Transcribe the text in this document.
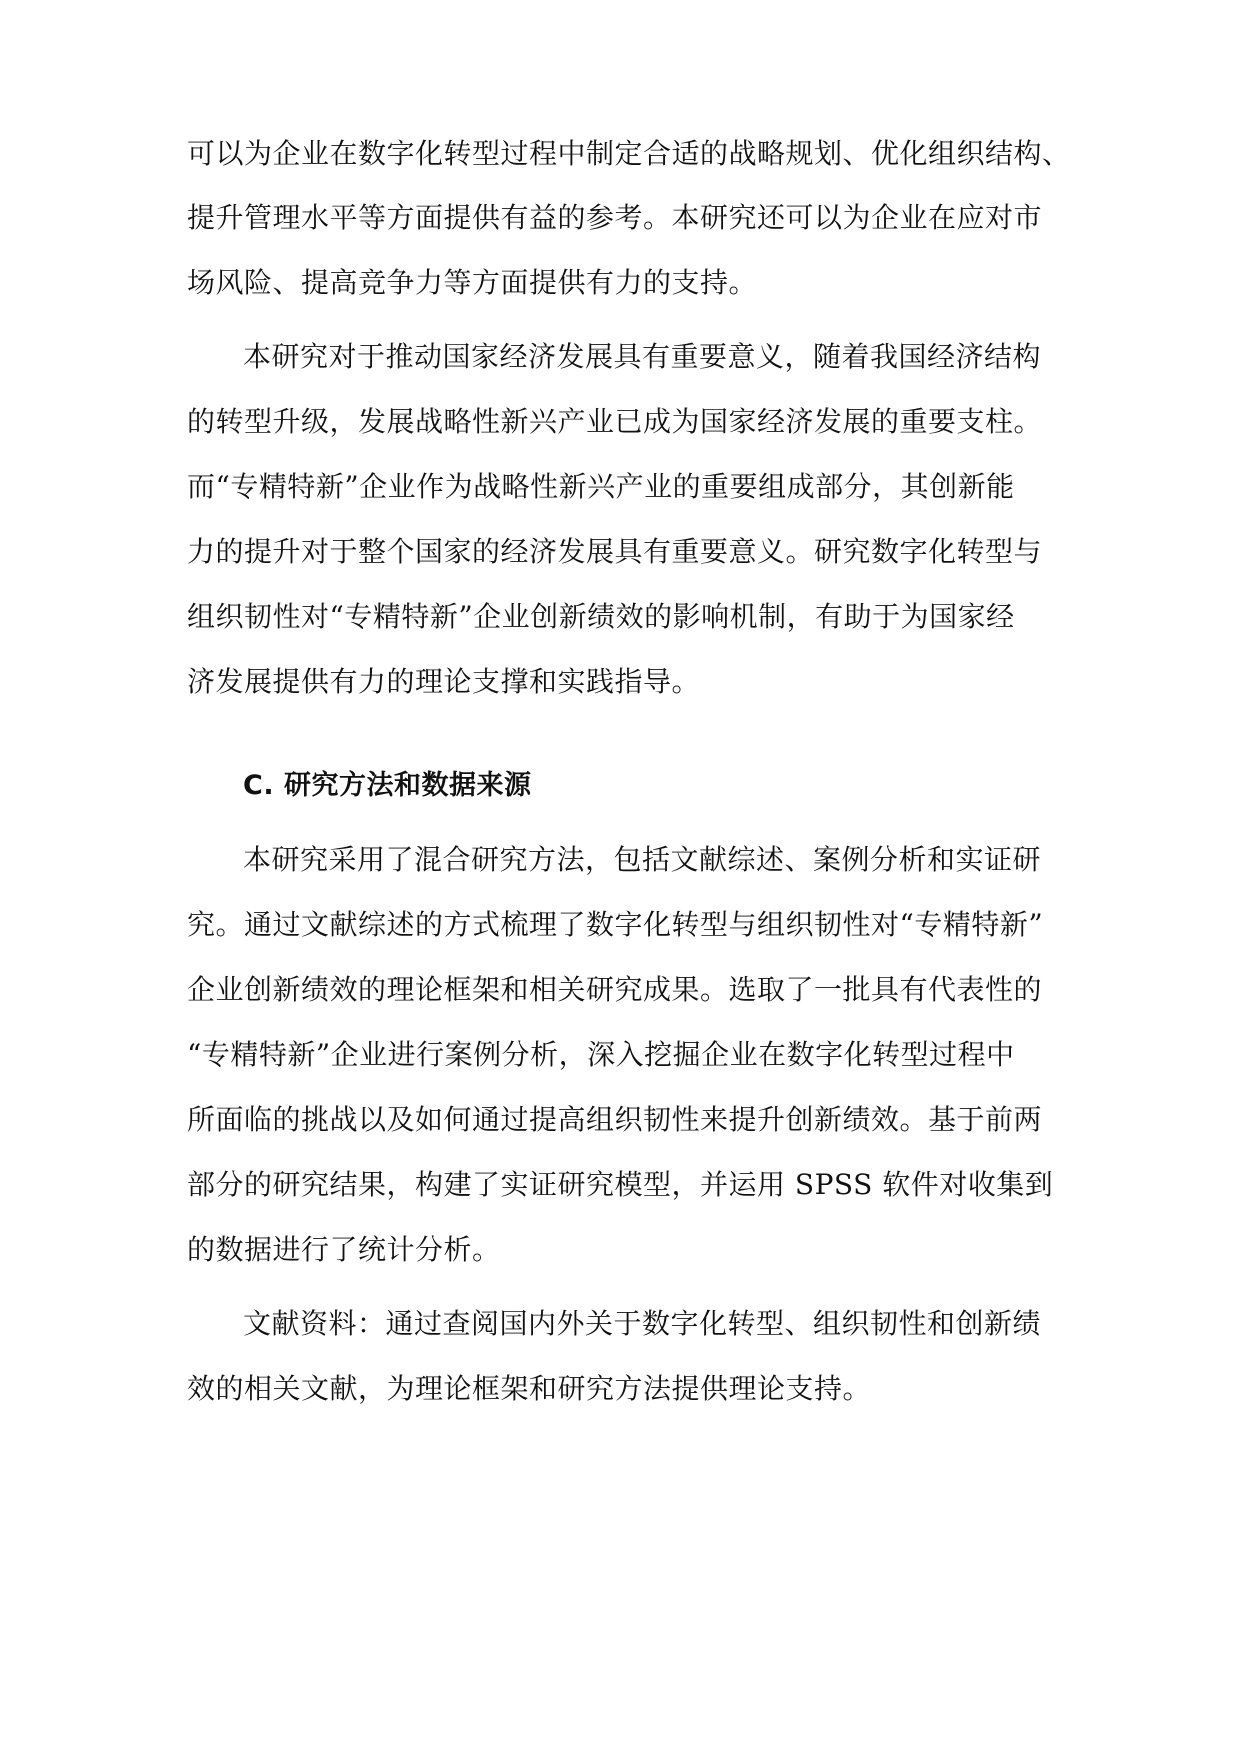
可以为企业在数字化转型过程中制定合适的战略规划、优化组织结构、
提升管理水平等方面提供有益的参考。本研究还可以为企业在应对市
场风险、提高竞争力等方面提供有力的支持。
本研究对于推动国家经济发展具有重要意义，随着我国经济结构
的转型升级，发展战略性新兴产业已成为国家经济发展的重要支柱。
而“专精特新”企业作为战略性新兴产业的重要组成部分，其创新能
力的提升对于整个国家的经济发展具有重要意义。研究数字化转型与
组织韧性对“专精特新”企业创新绩效的影响机制，有助于为国家经
济发展提供有力的理论支撑和实践指导。
C. 研究方法和数据来源
本研究采用了混合研究方法，包括文献综述、案例分析和实证研
究。通过文献综述的方式梳理了数字化转型与组织韧性对“专精特新”
企业创新绩效的理论框架和相关研究成果。选取了一批具有代表性的
“专精特新”企业进行案例分析，深入挖掘企业在数字化转型过程中
所面临的挑战以及如何通过提高组织韧性来提升创新绩效。基于前两
部分的研究结果，构建了实证研究模型，并运用 SPSS 软件对收集到
的数据进行了统计分析。
文献资料：通过查阅国内外关于数字化转型、组织韧性和创新绩
效的相关文献，为理论框架和研究方法提供理论支持。
